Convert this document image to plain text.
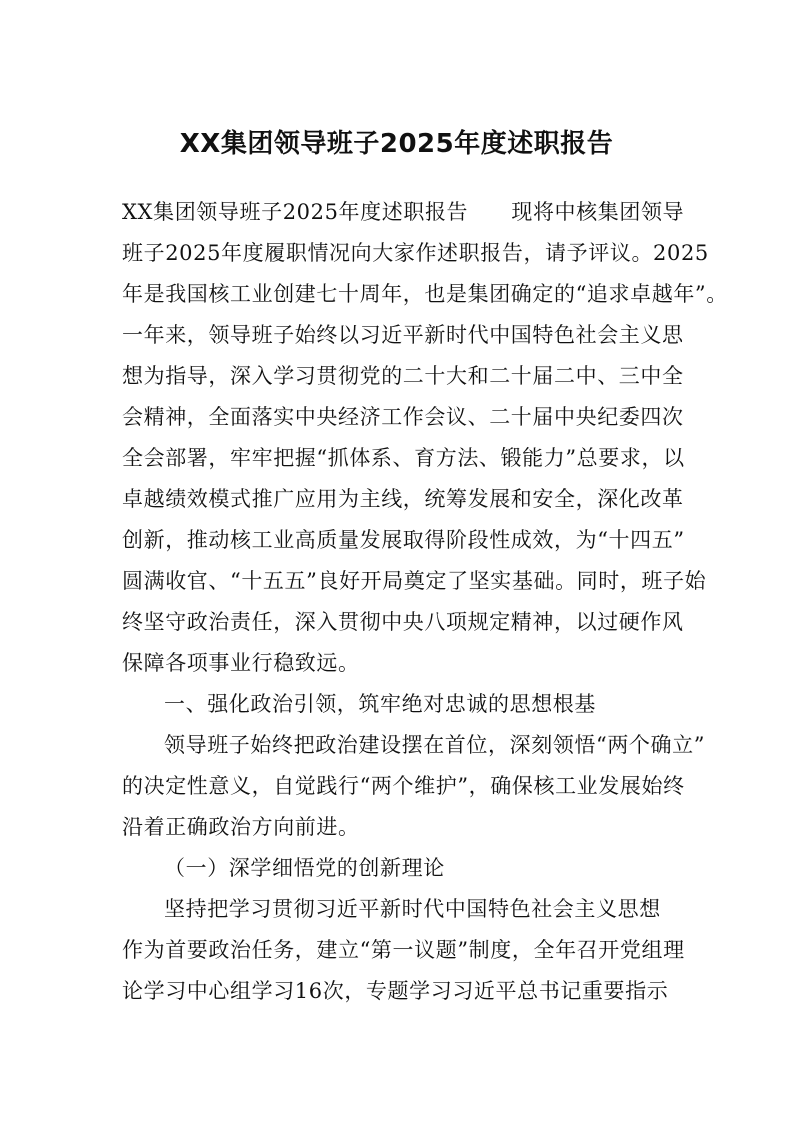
XX集团领导班子2025年度述职报告
XX集团领导班子2025年度述职报告　　现将中核集团领导
班子2025年度履职情况向大家作述职报告，请予评议。2025
年是我国核工业创建七十周年，也是集团确定的“追求卓越年”。
一年来，领导班子始终以习近平新时代中国特色社会主义思
想为指导，深入学习贯彻党的二十大和二十届二中、三中全
会精神，全面落实中央经济工作会议、二十届中央纪委四次
全会部署，牢牢把握“抓体系、育方法、锻能力”总要求，以
卓越绩效模式推广应用为主线，统筹发展和安全，深化改革
创新，推动核工业高质量发展取得阶段性成效，为“十四五”
圆满收官、“十五五”良好开局奠定了坚实基础。同时，班子始
终坚守政治责任，深入贯彻中央八项规定精神，以过硬作风
保障各项事业行稳致远。
一、强化政治引领，筑牢绝对忠诚的思想根基
领导班子始终把政治建设摆在首位，深刻领悟“两个确立”
的决定性意义，自觉践行“两个维护”，确保核工业发展始终
沿着正确政治方向前进。
（一）深学细悟党的创新理论
坚持把学习贯彻习近平新时代中国特色社会主义思想
作为首要政治任务，建立“第一议题”制度，全年召开党组理
论学习中心组学习16次，专题学习习近平总书记重要指示
